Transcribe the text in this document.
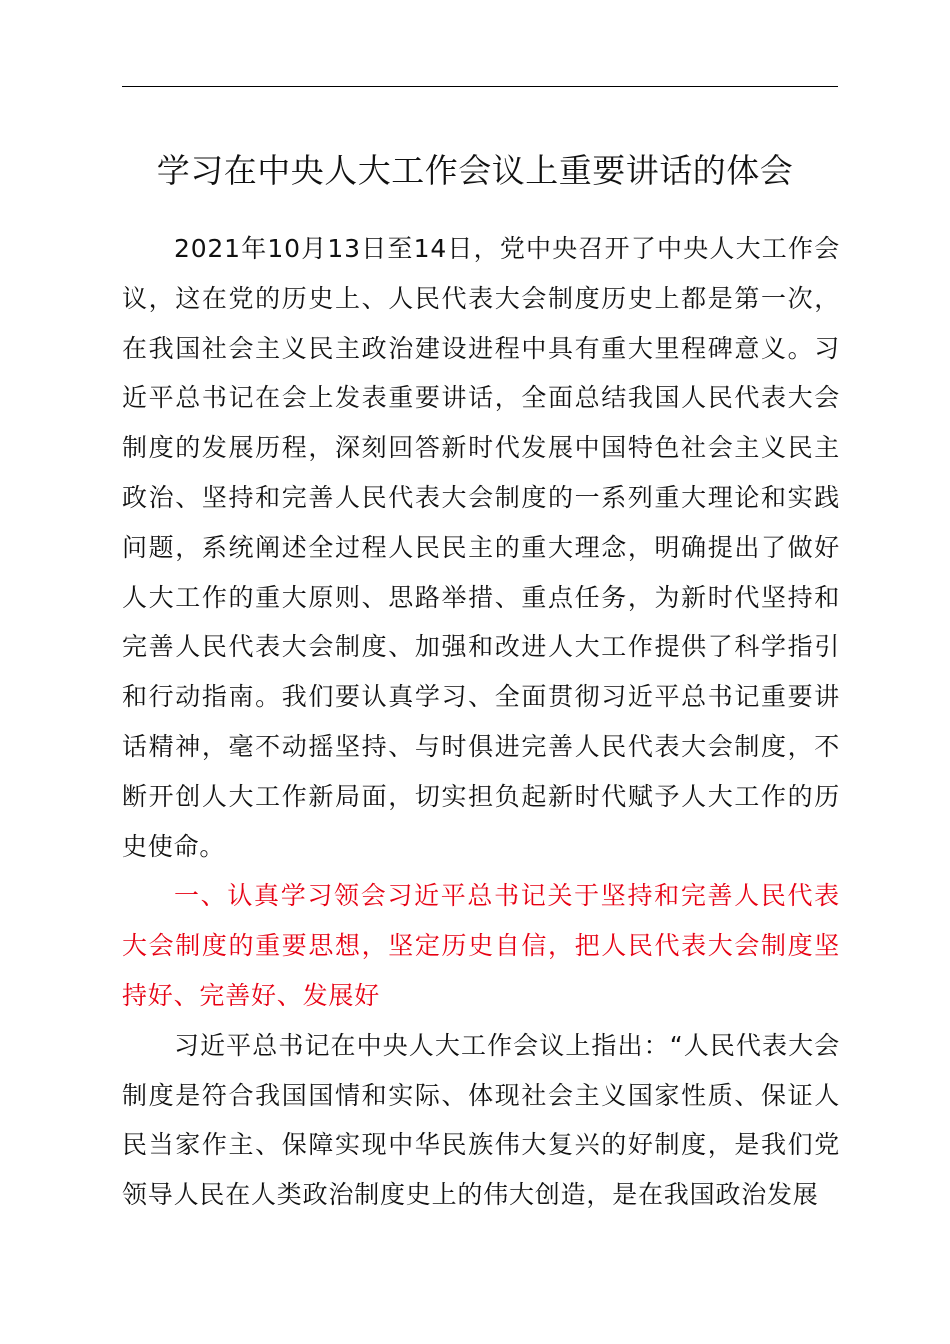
学习在中央人大工作会议上重要讲话的体会

2021年10月13日至14日，党中央召开了中央人大工作会议，这在党的历史上、人民代表大会制度历史上都是第一次，在我国社会主义民主政治建设进程中具有重大里程碑意义。习近平总书记在会上发表重要讲话，全面总结我国人民代表大会制度的发展历程，深刻回答新时代发展中国特色社会主义民主政治、坚持和完善人民代表大会制度的一系列重大理论和实践问题，系统阐述全过程人民民主的重大理念，明确提出了做好人大工作的重大原则、思路举措、重点任务，为新时代坚持和完善人民代表大会制度、加强和改进人大工作提供了科学指引和行动指南。我们要认真学习、全面贯彻习近平总书记重要讲话精神，毫不动摇坚持、与时俱进完善人民代表大会制度，不断开创人大工作新局面，切实担负起新时代赋予人大工作的历史使命。

一、认真学习领会习近平总书记关于坚持和完善人民代表大会制度的重要思想，坚定历史自信，把人民代表大会制度坚持好、完善好、发展好

习近平总书记在中央人大工作会议上指出：“人民代表大会制度是符合我国国情和实际、体现社会主义国家性质、保证人民当家作主、保障实现中华民族伟大复兴的好制度，是我们党领导人民在人类政治制度史上的伟大创造，是在我国政治发展
